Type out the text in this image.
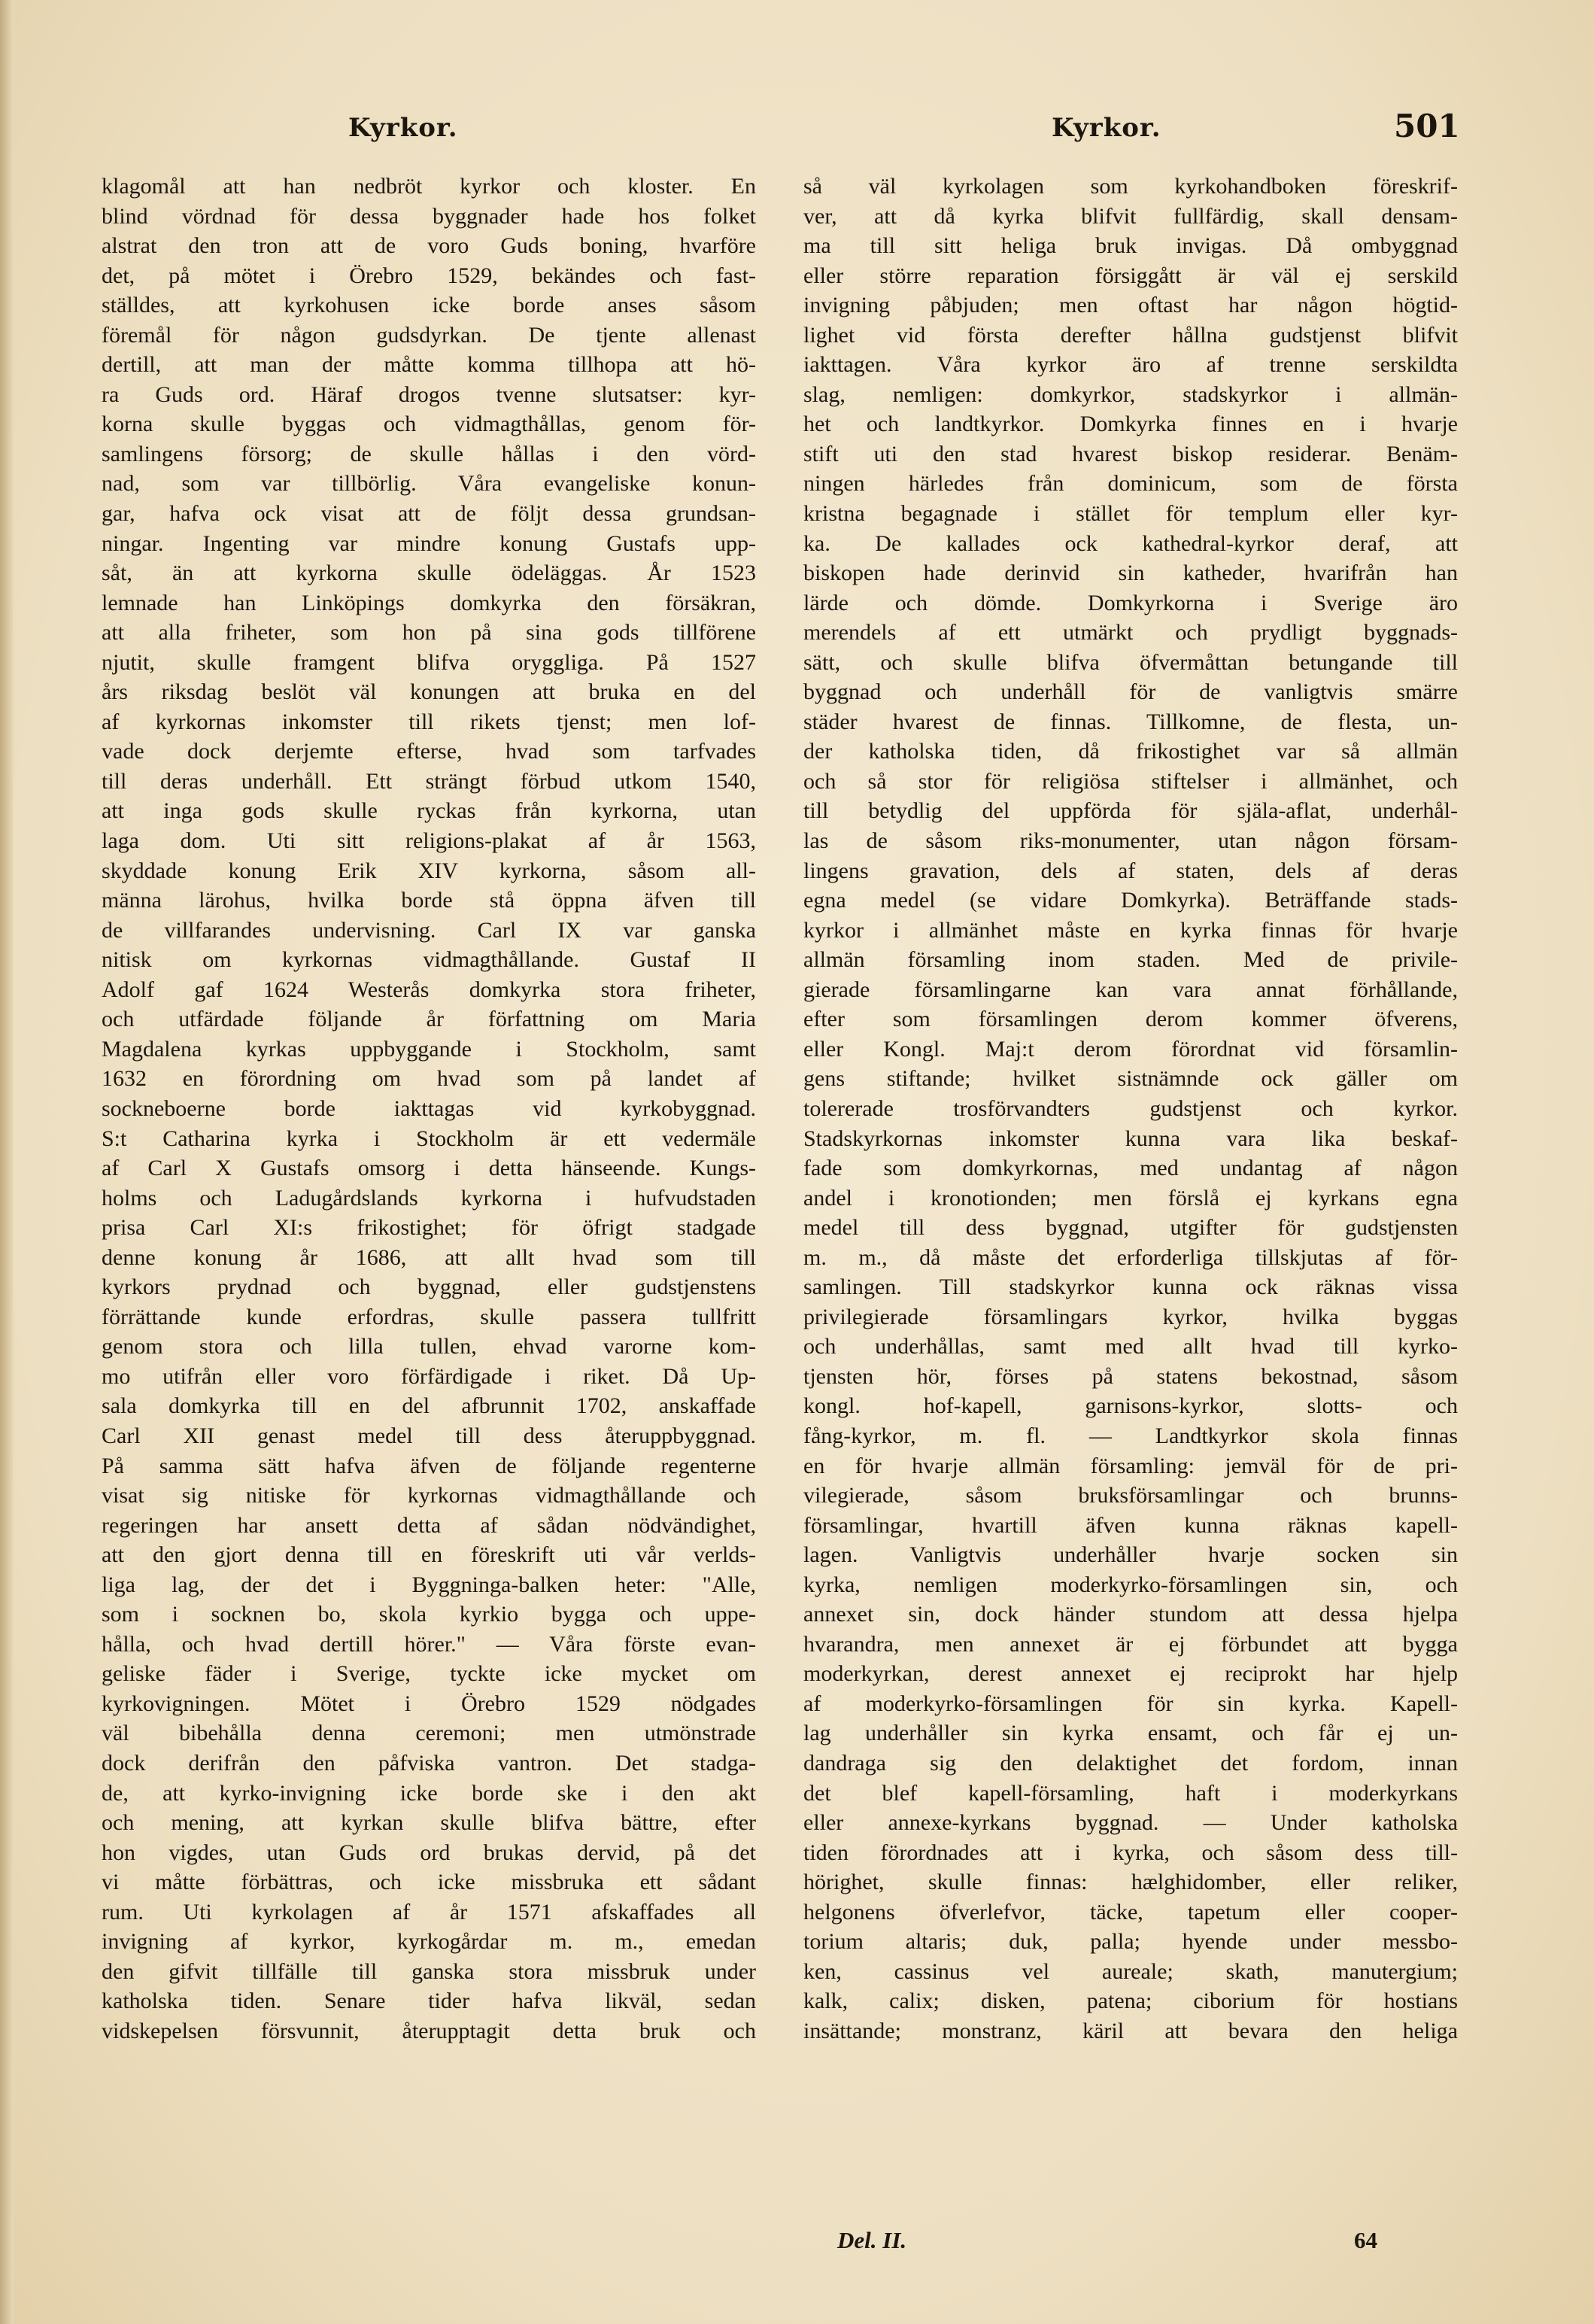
Kyrkor.	Kyrkor.	501
klagomål att han nedbröt kyrkor och kloster. En
blind vördnad för dessa byggnader hade hos folket
alstrat den tron att de voro Guds boning, hvarföre
det, på mötet i Örebro 1529, bekändes och fast-
ställdes, att kyrkohusen icke borde anses såsom
föremål för någon gudsdyrkan. De tjente allenast
dertill, att man der måtte komma tillhopa att hö-
ra Guds ord. Häraf drogos tvenne slutsatser: kyr-
korna skulle byggas och vidmagthållas, genom för-
samlingens försorg; de skulle hållas i den vörd-
nad, som var tillbörlig. Våra evangeliske konun-
gar, hafva ock visat att de följt dessa grundsan-
ningar. Ingenting var mindre konung Gustafs upp-
såt, än att kyrkorna skulle ödeläggas. År 1523
lemnade han Linköpings domkyrka den försäkran,
att alla friheter, som hon på sina gods tillförene
njutit, skulle framgent blifva oryggliga. På 1527
års riksdag beslöt väl konungen att bruka en del
af kyrkornas inkomster till rikets tjenst; men lof-
vade dock derjemte efterse, hvad som tarfvades
till deras underhåll. Ett strängt förbud utkom 1540,
att inga gods skulle ryckas från kyrkorna, utan
laga dom. Uti sitt religions-plakat af år 1563,
skyddade konung Erik XIV kyrkorna, såsom all-
männa lärohus, hvilka borde stå öppna äfven till
de villfarandes undervisning. Carl IX var ganska
nitisk om kyrkornas vidmagthållande. Gustaf II
Adolf gaf 1624 Westerås domkyrka stora friheter,
och utfärdade följande år författning om Maria
Magdalena kyrkas uppbyggande i Stockholm, samt
1632 en förordning om hvad som på landet af
sockneboerne borde iakttagas vid kyrkobyggnad.
S:t Catharina kyrka i Stockholm är ett vedermäle
af Carl X Gustafs omsorg i detta hänseende. Kungs-
holms och Ladugårdslands kyrkorna i hufvudstaden
prisa Carl XI:s frikostighet; för öfrigt stadgade
denne konung år 1686, att allt hvad som till
kyrkors prydnad och byggnad, eller gudstjenstens
förrättande kunde erfordras, skulle passera tullfritt
genom stora och lilla tullen, ehvad varorne kom-
mo utifrån eller voro förfärdigade i riket. Då Up-
sala domkyrka till en del afbrunnit 1702, anskaffade
Carl XII genast medel till dess återuppbyggnad.
På samma sätt hafva äfven de följande regenterne
visat sig nitiske för kyrkornas vidmagthållande och
regeringen har ansett detta af sådan nödvändighet,
att den gjort denna till en föreskrift uti vår verlds-
liga lag, der det i Byggninga-balken heter: "Alle,
som i socknen bo, skola kyrkio bygga och uppe-
hålla, och hvad dertill hörer." — Våra förste evan-
geliske fäder i Sverige, tyckte icke mycket om
kyrkovigningen. Mötet i Örebro 1529 nödgades
väl bibehålla denna ceremoni; men utmönstrade
dock derifrån den påfviska vantron. Det stadga-
de, att kyrko-invigning icke borde ske i den akt
och mening, att kyrkan skulle blifva bättre, efter
hon vigdes, utan Guds ord brukas dervid, på det
vi måtte förbättras, och icke missbruka ett sådant
rum. Uti kyrkolagen af år 1571 afskaffades all
invigning af kyrkor, kyrkogårdar m. m., emedan
den gifvit tillfälle till ganska stora missbruk under
katholska tiden. Senare tider hafva likväl, sedan
vidskepelsen försvunnit, återupptagit detta bruk och
så väl kyrkolagen som kyrkohandboken föreskrif-
ver, att då kyrka blifvit fullfärdig, skall densam-
ma till sitt heliga bruk invigas. Då ombyggnad
eller större reparation försiggått är väl ej serskild
invigning påbjuden; men oftast har någon högtid-
lighet vid första derefter hållna gudstjenst blifvit
iakttagen. Våra kyrkor äro af trenne serskildta
slag, nemligen: domkyrkor, stadskyrkor i allmän-
het och landtkyrkor. Domkyrka finnes en i hvarje
stift uti den stad hvarest biskop residerar. Benäm-
ningen härledes från dominicum, som de första
kristna begagnade i stället för templum eller kyr-
ka. De kallades ock kathedral-kyrkor deraf, att
biskopen hade derinvid sin katheder, hvarifrån han
lärde och dömde. Domkyrkorna i Sverige äro
merendels af ett utmärkt och prydligt byggnads-
sätt, och skulle blifva öfvermåttan betungande till
byggnad och underhåll för de vanligtvis smärre
städer hvarest de finnas. Tillkomne, de flesta, un-
der katholska tiden, då frikostighet var så allmän
och så stor för religiösa stiftelser i allmänhet, och
till betydlig del uppförda för själa-aflat, underhål-
las de såsom riks-monumenter, utan någon försam-
lingens gravation, dels af staten, dels af deras
egna medel (se vidare Domkyrka). Beträffande stads-
kyrkor i allmänhet måste en kyrka finnas för hvarje
allmän församling inom staden. Med de privile-
gierade församlingarne kan vara annat förhållande,
efter som församlingen derom kommer öfverens,
eller Kongl. Maj:t derom förordnat vid församlin-
gens stiftande; hvilket sistnämnde ock gäller om
tolererade trosförvandters gudstjenst och kyrkor.
Stadskyrkornas inkomster kunna vara lika beskaf-
fade som domkyrkornas, med undantag af någon
andel i kronotionden; men förslå ej kyrkans egna
medel till dess byggnad, utgifter för gudstjensten
m. m., då måste det erforderliga tillskjutas af för-
samlingen. Till stadskyrkor kunna ock räknas vissa
privilegierade församlingars kyrkor, hvilka byggas
och underhållas, samt med allt hvad till kyrko-
tjensten hör, förses på statens bekostnad, såsom
kongl. hof-kapell, garnisons-kyrkor, slotts- och
fång-kyrkor, m. fl. — Landtkyrkor skola finnas
en för hvarje allmän församling: jemväl för de pri-
vilegierade, såsom bruksförsamlingar och brunns-
församlingar, hvartill äfven kunna räknas kapell-
lagen. Vanligtvis underhåller hvarje socken sin
kyrka, nemligen moderkyrko-församlingen sin, och
annexet sin, dock händer stundom att dessa hjelpa
hvarandra, men annexet är ej förbundet att bygga
moderkyrkan, derest annexet ej reciprokt har hjelp
af moderkyrko-församlingen för sin kyrka. Kapell-
lag underhåller sin kyrka ensamt, och får ej un-
dandraga sig den delaktighet det fordom, innan
det blef kapell-församling, haft i moderkyrkans
eller annexe-kyrkans byggnad. — Under katholska
tiden förordnades att i kyrka, och såsom dess till-
hörighet, skulle finnas: hælghidomber, eller reliker,
helgonens öfverlefvor, täcke, tapetum eller cooper-
torium altaris; duk, palla; hyende under messbo-
ken, cassinus vel aureale; skath, manutergium;
kalk, calix; disken, patena; ciborium för hostians
insättande; monstranz, käril att bevara den heliga
Del. II.	64
